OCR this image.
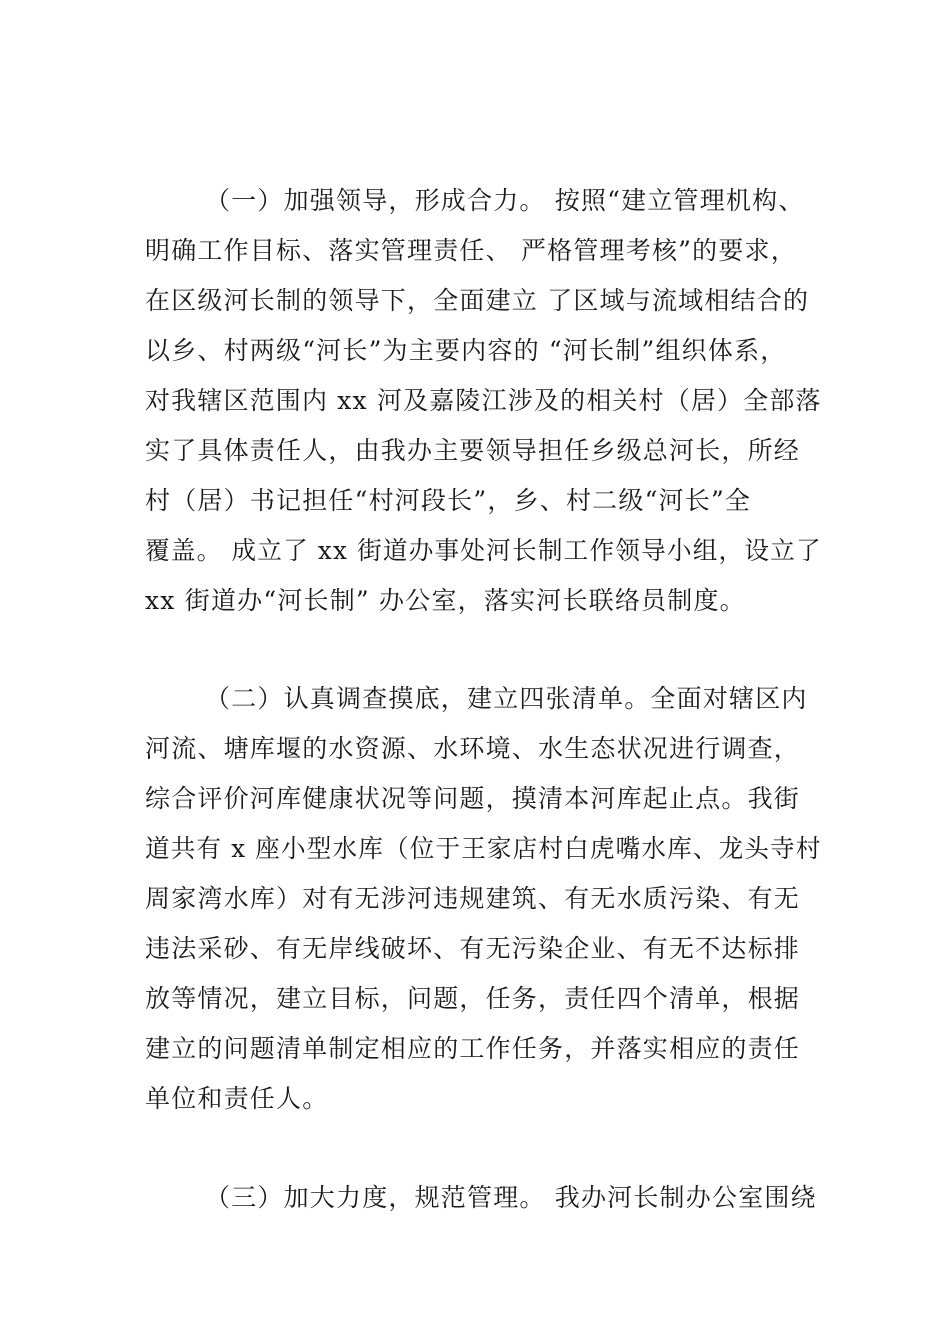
（一）加强领导，形成合力。 按照“建立管理机构、
明确工作目标、落实管理责任、 严格管理考核”的要求，
在区级河长制的领导下，全面建立 了区域与流域相结合的
以乡、村两级“河长”为主要内容的 “河长制”组织体系，
对我辖区范围内 xx 河及嘉陵江涉及的相关村（居）全部落
实了具体责任人，由我办主要领导担任乡级总河长，所经
村（居）书记担任“村河段长”，乡、村二级“河长”全
覆盖。 成立了 xx 街道办事处河长制工作领导小组，设立了
xx 街道办“河长制” 办公室，落实河长联络员制度。
（二）认真调查摸底，建立四张清单。全面对辖区内
河流、塘库堰的水资源、水环境、水生态状况进行调查，
综合评价河库健康状况等问题，摸清本河库起止点。我街
道共有 x 座小型水库（位于王家店村白虎嘴水库、龙头寺村
周家湾水库）对有无涉河违规建筑、有无水质污染、有无
违法采砂、有无岸线破坏、有无污染企业、有无不达标排
放等情况，建立目标，问题，任务，责任四个清单，根据
建立的问题清单制定相应的工作任务，并落实相应的责任
单位和责任人。
（三）加大力度，规范管理。 我办河长制办公室围绕
